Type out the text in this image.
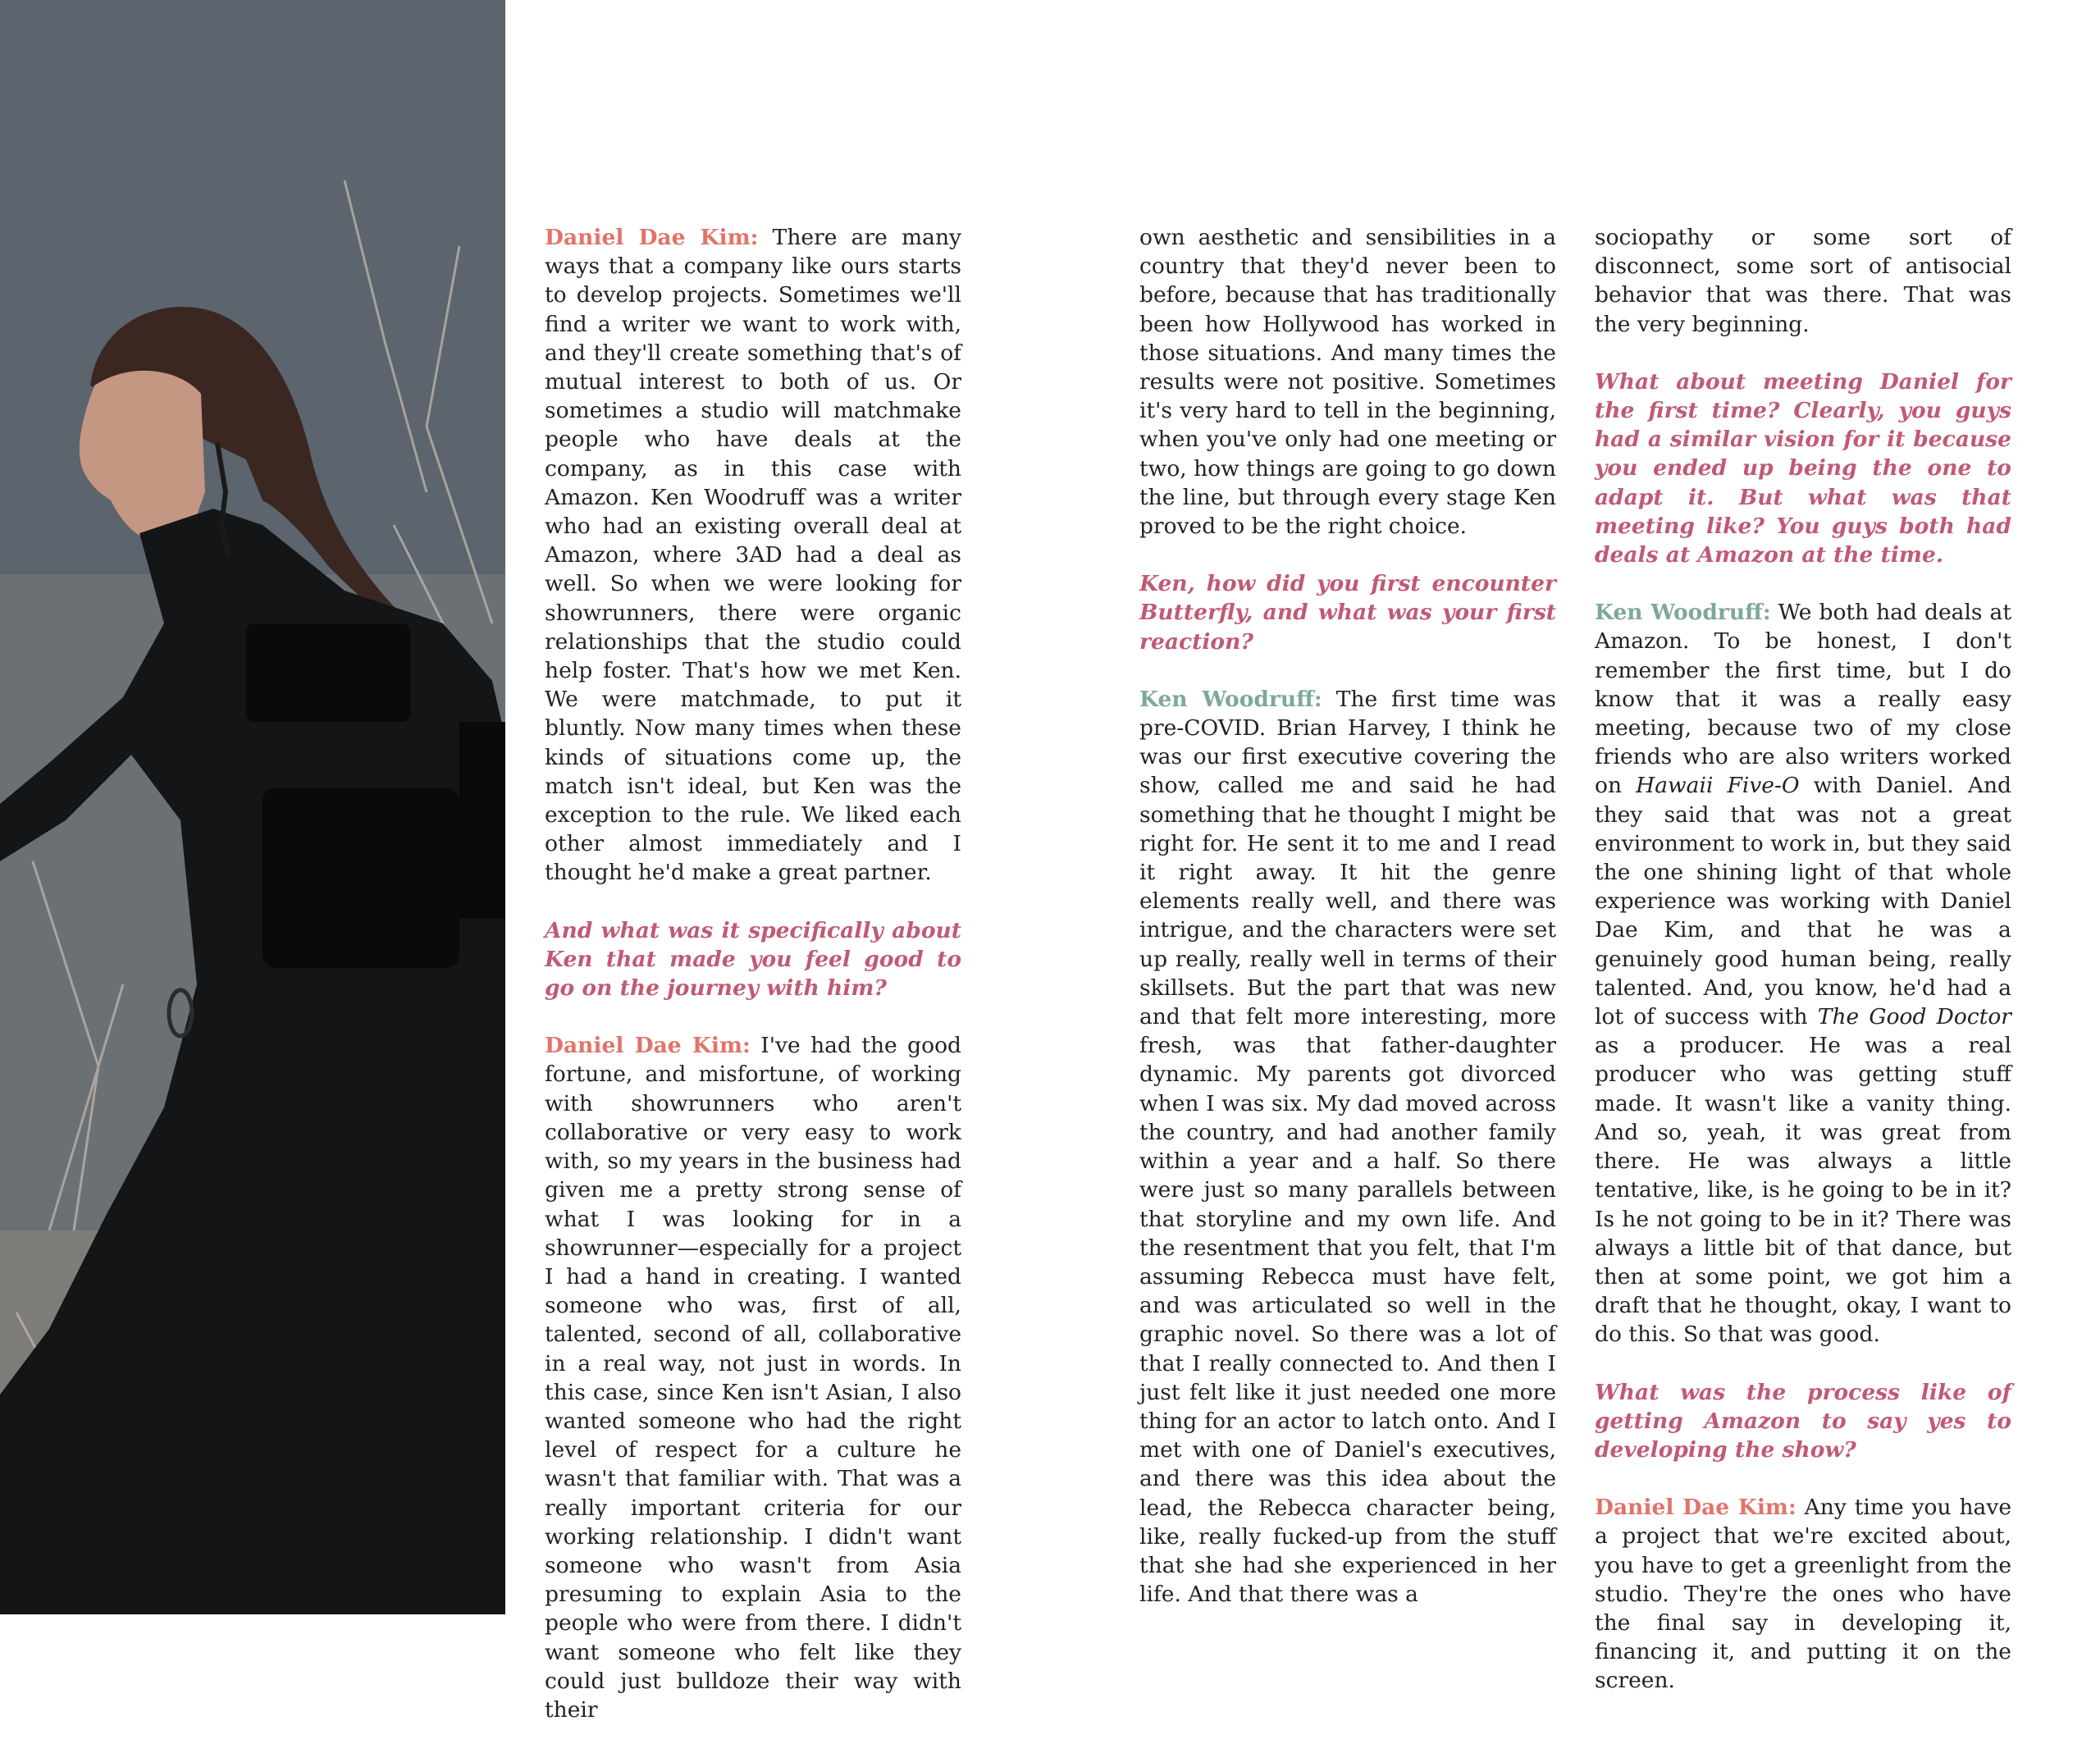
Daniel Dae Kim: There are many ways that a company like ours starts to develop projects. Sometimes we'll find a writer we want to work with, and they'll create something that's of mutual interest to both of us. Or sometimes a studio will matchmake people who have deals at the company, as in this case with Amazon. Ken Woodruff was a writer who had an existing overall deal at Amazon, where 3AD had a deal as well. So when we were looking for showrunners, there were organic relationships that the studio could help foster. That's how we met Ken. We were matchmade, to put it bluntly. Now many times when these kinds of situations come up, the match isn't ideal, but Ken was the exception to the rule. We liked each other almost immediately and I thought he'd make a great partner.

And what was it specifically about Ken that made you feel good to go on the journey with him?

Daniel Dae Kim: I've had the good fortune, and misfortune, of working with showrunners who aren't collaborative or very easy to work with, so my years in the business had given me a pretty strong sense of what I was looking for in a showrunner—especially for a project I had a hand in creating. I wanted someone who was, first of all, talented, second of all, collaborative in a real way, not just in words. In this case, since Ken isn't Asian, I also wanted someone who had the right level of respect for a culture he wasn't that familiar with. That was a really important criteria for our working relationship. I didn't want someone who wasn't from Asia presuming to explain Asia to the people who were from there. I didn't want someone who felt like they could just bulldoze their way with their

own aesthetic and sensibilities in a country that they'd never been to before, because that has traditionally been how Hollywood has worked in those situations. And many times the results were not positive. Sometimes it's very hard to tell in the beginning, when you've only had one meeting or two, how things are going to go down the line, but through every stage Ken proved to be the right choice.

Ken, how did you first encounter Butterfly, and what was your first reaction?

Ken Woodruff: The first time was pre-COVID. Brian Harvey, I think he was our first executive covering the show, called me and said he had something that he thought I might be right for. He sent it to me and I read it right away. It hit the genre elements really well, and there was intrigue, and the characters were set up really, really well in terms of their skillsets. But the part that was new and that felt more interesting, more fresh, was that father-daughter dynamic. My parents got divorced when I was six. My dad moved across the country, and had another family within a year and a half. So there were just so many parallels between that storyline and my own life. And the resentment that you felt, that I'm assuming Rebecca must have felt, and was articulated so well in the graphic novel. So there was a lot of that I really connected to. And then I just felt like it just needed one more thing for an actor to latch onto. And I met with one of Daniel's executives, and there was this idea about the lead, the Rebecca character being, like, really fucked-up from the stuff that she had she experienced in her life. And that there was a

sociopathy or some sort of disconnect, some sort of antisocial behavior that was there. That was the very beginning.

What about meeting Daniel for the first time? Clearly, you guys had a similar vision for it because you ended up being the one to adapt it. But what was that meeting like? You guys both had deals at Amazon at the time.

Ken Woodruff: We both had deals at Amazon. To be honest, I don't remember the first time, but I do know that it was a really easy meeting, because two of my close friends who are also writers worked on Hawaii Five-O with Daniel. And they said that was not a great environment to work in, but they said the one shining light of that whole experience was working with Daniel Dae Kim, and that he was a genuinely good human being, really talented. And, you know, he'd had a lot of success with The Good Doctor as a producer. He was a real producer who was getting stuff made. It wasn't like a vanity thing. And so, yeah, it was great from there. He was always a little tentative, like, is he going to be in it? Is he not going to be in it? There was always a little bit of that dance, but then at some point, we got him a draft that he thought, okay, I want to do this. So that was good.

What was the process like of getting Amazon to say yes to developing the show?

Daniel Dae Kim: Any time you have a project that we're excited about, you have to get a greenlight from the studio. They're the ones who have the final say in developing it, financing it, and putting it on the screen.
